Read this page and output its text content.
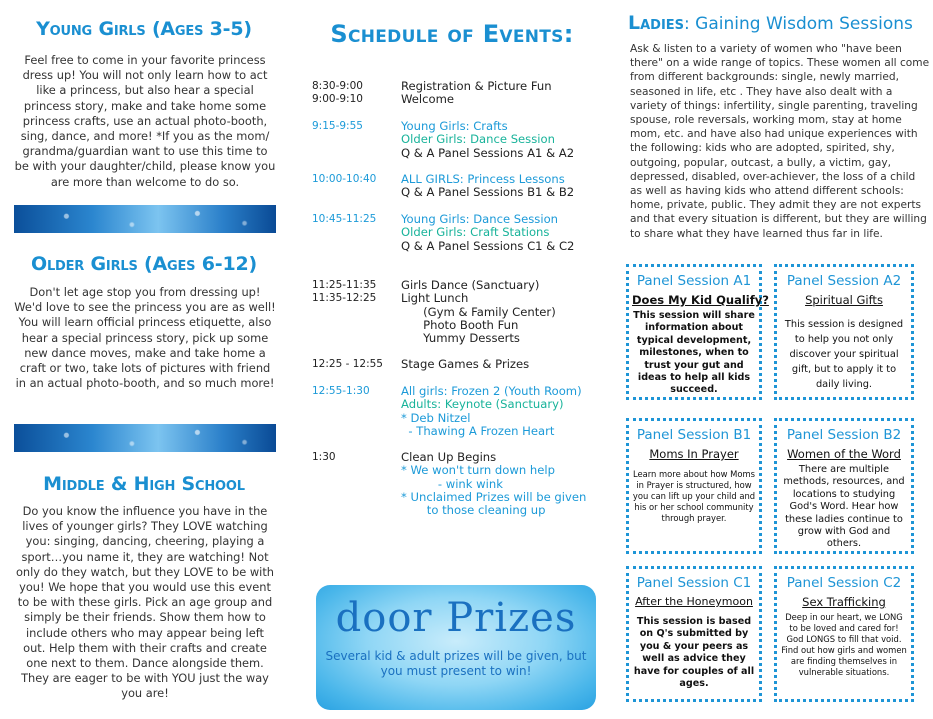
Young Girls (Ages 3-5)
Feel free to come in your favorite princess dress up! You will not only learn how to act like a princess, but also hear a special princess story, make and take home some princess crafts, use an actual photo-booth, sing, dance, and more! *If you as the mom/ grandma/guardian want to use this time to be with your daughter/child, please know you are more than welcome to do so.
Older Girls (Ages 6-12)
Don't let age stop you from dressing up! We'd love to see the princess you are as well! You will learn official princess etiquette, also hear a special princess story, pick up some new dance moves, make and take home a craft or two, take lots of pictures with friend in an actual photo-booth, and so much more!
Middle & High School
Do you know the influence you have in the lives of younger girls? They LOVE watching you: singing, dancing, cheering, playing a sport…you name it, they are watching! Not only do they watch, but they LOVE to be with you! We hope that you would use this event to be with these girls. Pick an age group and simply be their friends. Show them how to include others who may appear being left out. Help them with their crafts and create one next to them. Dance alongside them. They are eager to be with YOU just the way you are!
Schedule of Events:
8:30-9:00	Registration & Picture Fun
9:00-9:10	Welcome
9:15-9:55	Young Girls: Crafts
Older Girls: Dance Session
Q & A Panel Sessions A1 & A2
10:00-10:40	ALL GIRLS: Princess Lessons
Q & A Panel Sessions B1 & B2
10:45-11:25	Young Girls: Dance Session
Older Girls: Craft Stations
Q & A Panel Sessions C1 & C2
11:25-11:35	Girls Dance (Sanctuary)
11:35-12:25	Light Lunch
(Gym & Family Center)
Photo Booth Fun
Yummy Desserts
12:25 - 12:55	Stage Games & Prizes
12:55-1:30	All girls: Frozen 2 (Youth Room)
Adults: Keynote (Sanctuary)
* Deb Nitzel
- Thawing A Frozen Heart
1:30	Clean Up Begins
* We won't turn down help
- wink wink
* Unclaimed Prizes will be given
to those cleaning up
door Prizes
Several kid & adult prizes will be given, but you must present to win!
Ladies: Gaining Wisdom Sessions
Ask & listen to a variety of women who "have been there" on a wide range of topics. These women all come from different backgrounds: single, newly married, seasoned in life, etc . They have also dealt with a variety of things: infertility, single parenting, traveling spouse, role reversals, working mom, stay at home mom, etc. and have also had unique experiences with the following: kids who are adopted, spirited, shy, outgoing, popular, outcast, a bully, a victim, gay, depressed, disabled, over-achiever, the loss of a child as well as having kids who attend different schools: home, private, public. They admit they are not experts and that every situation is different, but they are willing to share what they have learned thus far in life.
Panel Session A1
Does My Kid Qualify?
This session will share information about typical development, milestones, when to trust your gut and ideas to help all kids succeed.
Panel Session A2
Spiritual Gifts
This session is designed to help you not only discover your spiritual gift, but to apply it to daily living.
Panel Session B1
Moms In Prayer
Learn more about how Moms in Prayer is structured, how you can lift up your child and his or her school community through prayer.
Panel Session B2
Women of the Word
There are multiple methods, resources, and locations to studying God's Word. Hear how these ladies continue to grow with God and others.
Panel Session C1
After the Honeymoon
This session is based on Q's submitted by you & your peers as well as advice they have for couples of all ages.
Panel Session C2
Sex Trafficking
Deep in our heart, we LONG to be loved and cared for! God LONGS to fill that void. Find out how girls and women are finding themselves in vulnerable situations.
